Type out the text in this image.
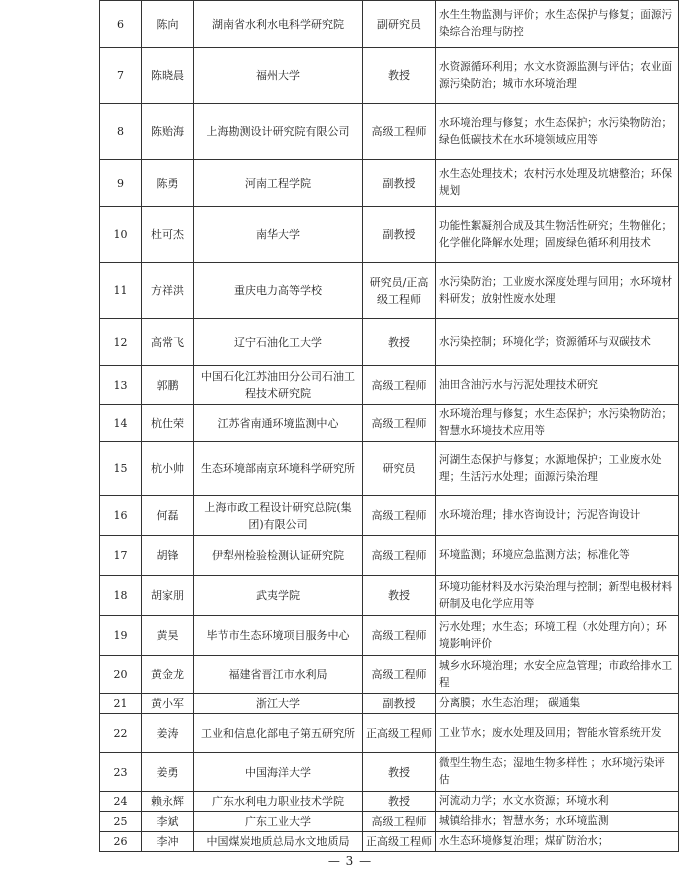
6	陈向	湖南省水利水电科学研究院	副研究员	水生生物监测与评价；水生态保护与修复；面源污染综合治理与防控
7	陈晓晨	福州大学	教授	水资源循环利用；水文水资源监测与评估；农业面源污染防治；城市水环境治理
8	陈贻海	上海勘测设计研究院有限公司	高级工程师	水环境治理与修复；水生态保护；水污染物防治；绿色低碳技术在水环境领域应用等
9	陈勇	河南工程学院	副教授	水生态处理技术；农村污水处理及坑塘整治；环保规划
10	杜可杰	南华大学	副教授	功能性絮凝剂合成及其生物活性研究；生物催化；化学催化降解水处理；固废绿色循环利用技术
11	方祥洪	重庆电力高等学校	研究员/正高级工程师	水污染防治；工业废水深度处理与回用；水环境材料研发；放射性废水处理
12	高常飞	辽宁石油化工大学	教授	水污染控制；环境化学；资源循环与双碳技术
13	郭鹏	中国石化江苏油田分公司石油工程技术研究院	高级工程师	油田含油污水与污泥处理技术研究
14	杭仕荣	江苏省南通环境监测中心	高级工程师	水环境治理与修复；水生态保护；水污染物防治；智慧水环境技术应用等
15	杭小帅	生态环境部南京环境科学研究所	研究员	河湖生态保护与修复；水源地保护；工业废水处理；生活污水处理；面源污染治理
16	何磊	上海市政工程设计研究总院(集团)有限公司	高级工程师	水环境治理；排水咨询设计；污泥咨询设计
17	胡锋	伊犁州检验检测认证研究院	高级工程师	环境监测；环境应急监测方法；标准化等
18	胡家朋	武夷学院	教授	环境功能材料及水污染治理与控制；新型电极材料研制及电化学应用等
19	黄昊	毕节市生态环境项目服务中心	高级工程师	污水处理；水生态；环境工程（水处理方向）；环境影响评价
20	黄金龙	福建省晋江市水利局	高级工程师	城乡水环境治理；水安全应急管理；市政给排水工程
21	黄小军	浙江大学	副教授	分离膜；水生态治理； 碳通集
22	姜涛	工业和信息化部电子第五研究所	正高级工程师	工业节水；废水处理及回用；智能水管系统开发
23	姜勇	中国海洋大学	教授	微型生物生态；湿地生物多样性 ；水环境污染评估
24	赖永辉	广东水利电力职业技术学院	教授	河流动力学；水文水资源；环境水利
25	李斌	广东工业大学	高级工程师	城镇给排水；智慧水务；水环境监测
26	李冲	中国煤炭地质总局水文地质局	正高级工程师	水生态环境修复治理；煤矿防治水；
— 3 —
